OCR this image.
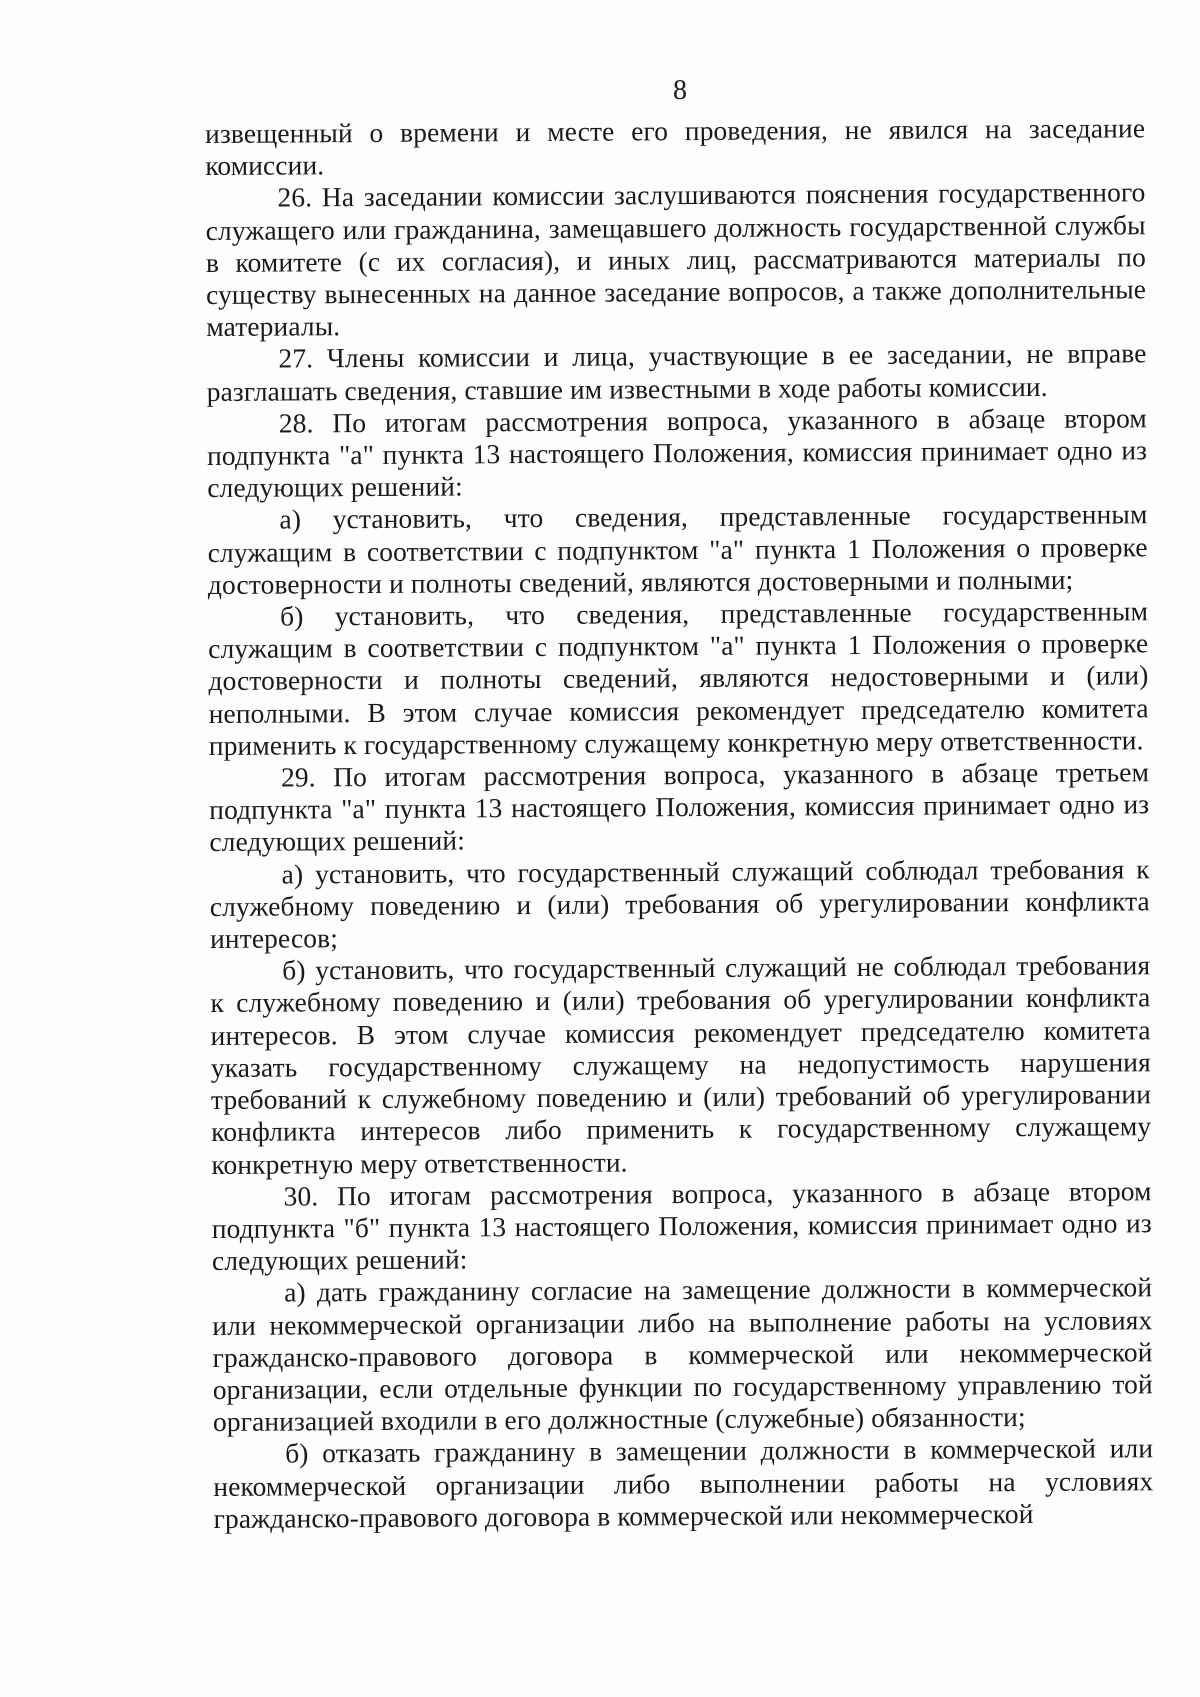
8

извещенный о времени и месте его проведения, не явился на заседание комиссии.

26. На заседании комиссии заслушиваются пояснения государственного служащего или гражданина, замещавшего должность государственной службы в комитете (с их согласия), и иных лиц, рассматриваются материалы по существу вынесенных на данное заседание вопросов, а также дополнительные материалы.

27. Члены комиссии и лица, участвующие в ее заседании, не вправе разглашать сведения, ставшие им известными в ходе работы комиссии.

28. По итогам рассмотрения вопроса, указанного в абзаце втором подпункта "а" пункта 13 настоящего Положения, комиссия принимает одно из следующих решений:

а) установить, что сведения, представленные государственным служащим в соответствии с подпунктом "а" пункта 1 Положения о проверке достоверности и полноты сведений, являются достоверными и полными;

б) установить, что сведения, представленные государственным служащим в соответствии с подпунктом "а" пункта 1 Положения о проверке достоверности и полноты сведений, являются недостоверными и (или) неполными. В этом случае комиссия рекомендует председателю комитета применить к государственному служащему конкретную меру ответственности.

29. По итогам рассмотрения вопроса, указанного в абзаце третьем подпункта "а" пункта 13 настоящего Положения, комиссия принимает одно из следующих решений:

а) установить, что государственный служащий соблюдал требования к служебному поведению и (или) требования об урегулировании конфликта интересов;

б) установить, что государственный служащий не соблюдал требования к служебному поведению и (или) требования об урегулировании конфликта интересов. В этом случае комиссия рекомендует председателю комитета указать государственному служащему на недопустимость нарушения требований к служебному поведению и (или) требований об урегулировании конфликта интересов либо применить к государственному служащему конкретную меру ответственности.

30. По итогам рассмотрения вопроса, указанного в абзаце втором подпункта "б" пункта 13 настоящего Положения, комиссия принимает одно из следующих решений:

а) дать гражданину согласие на замещение должности в коммерческой или некоммерческой организации либо на выполнение работы на условиях гражданско-правового договора в коммерческой или некоммерческой организации, если отдельные функции по государственному управлению той организацией входили в его должностные (служебные) обязанности;

б) отказать гражданину в замещении должности в коммерческой или некоммерческой организации либо выполнении работы на условиях гражданско-правового договора в коммерческой или некоммерческой
